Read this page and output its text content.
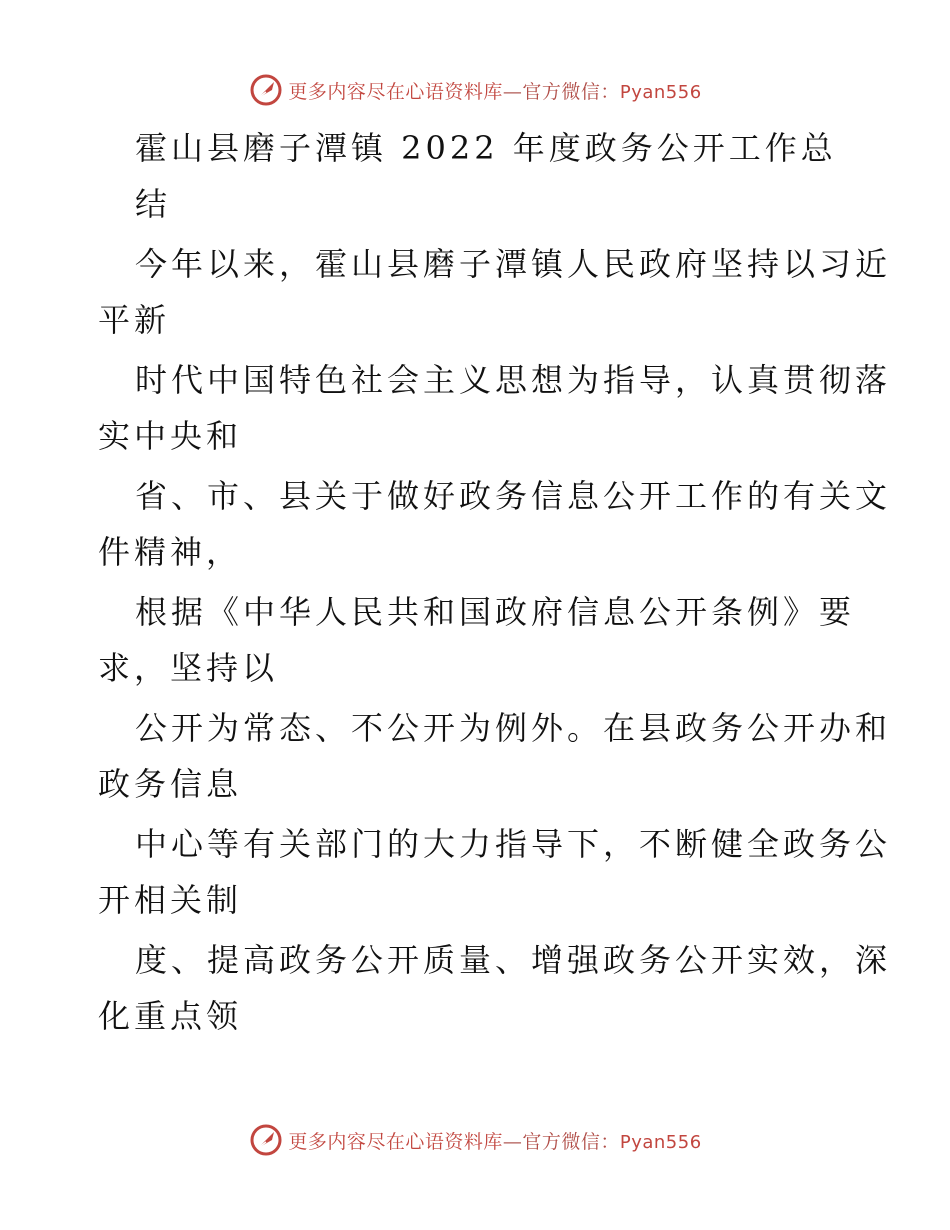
更多内容尽在心语资料库—官方微信：Pyan556
霍山县磨子潭镇 2022 年度政务公开工作总
结
今年以来，霍山县磨子潭镇人民政府坚持以习近
平新
时代中国特色社会主义思想为指导，认真贯彻落
实中央和
省、市、县关于做好政务信息公开工作的有关文
件精神，
根据《中华人民共和国政府信息公开条例》要
求，坚持以
公开为常态、不公开为例外。在县政务公开办和
政务信息
中心等有关部门的大力指导下，不断健全政务公
开相关制
度、提高政务公开质量、增强政务公开实效，深
化重点领
更多内容尽在心语资料库—官方微信：Pyan556
